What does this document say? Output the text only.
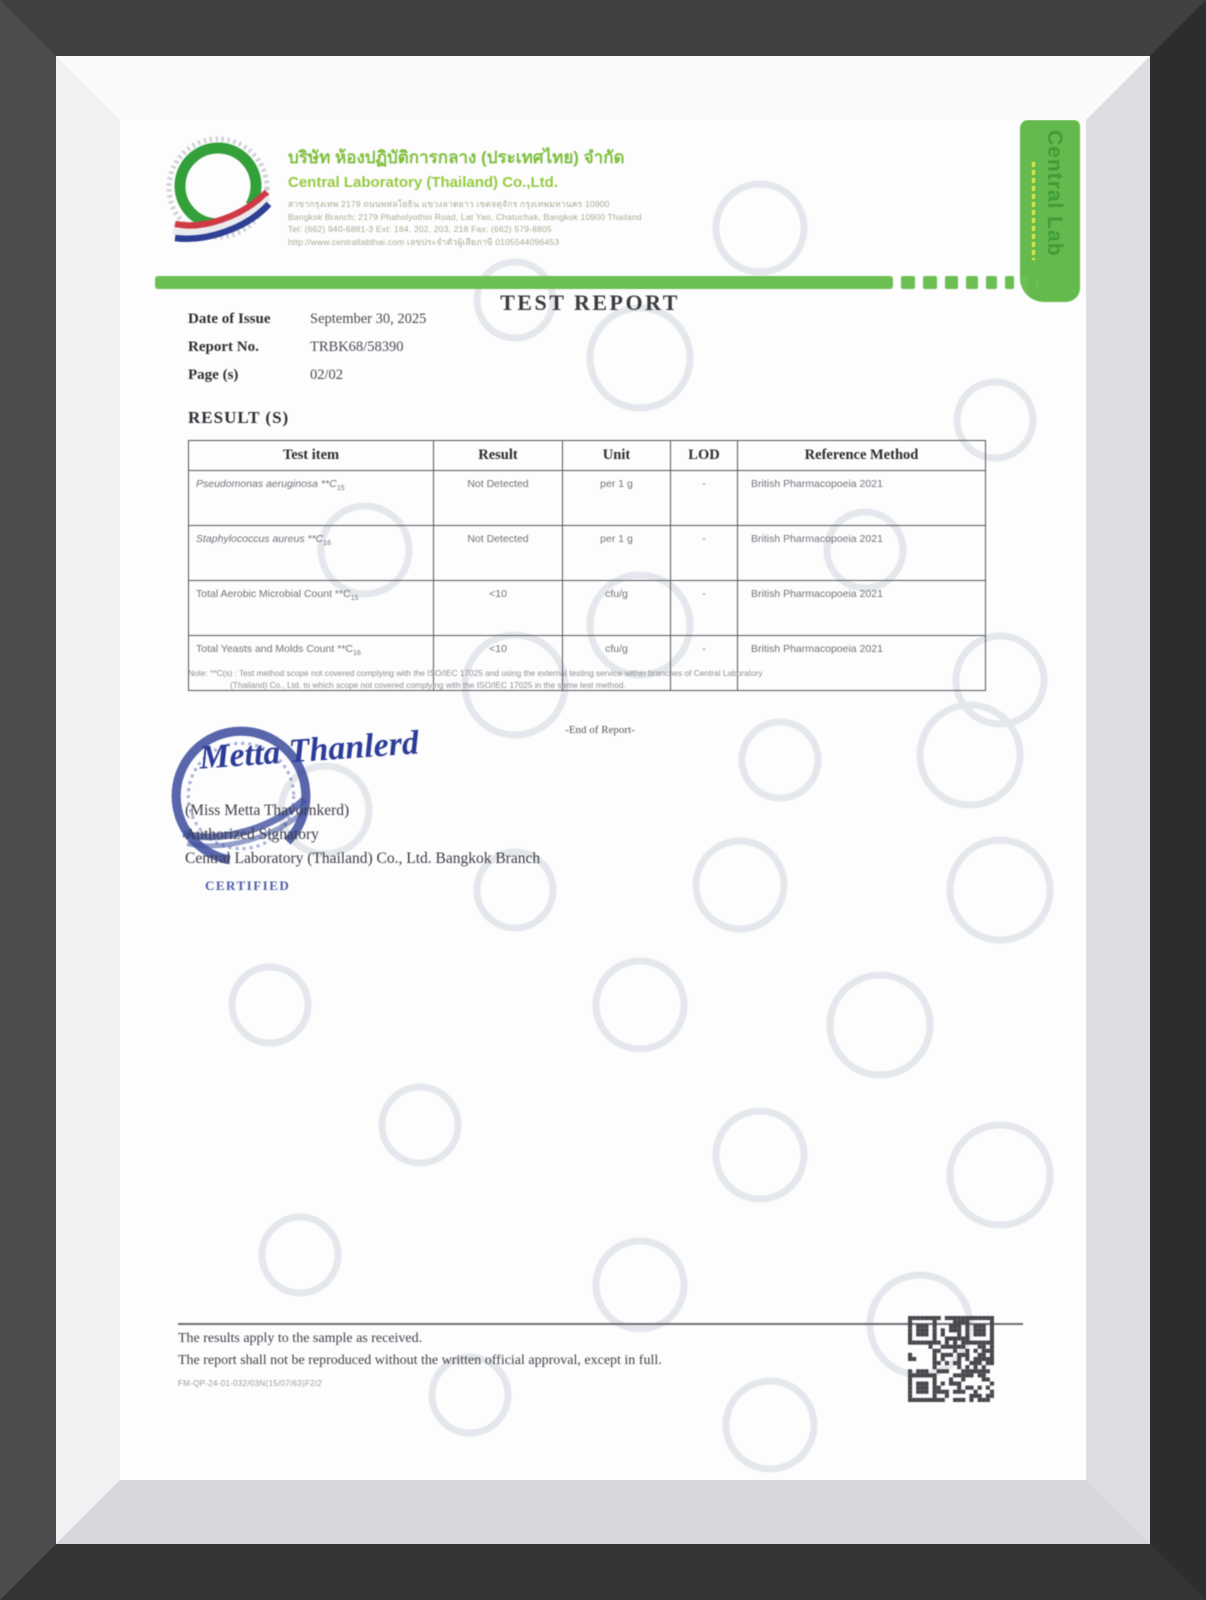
บริษัท ห้องปฏิบัติการกลาง (ประเทศไทย) จำกัด
Central Laboratory (Thailand) Co.,Ltd.
สาขากรุงเทพ 2179 ถนนพหลโยธิน แขวงลาดยาว เขตจตุจักร กรุงเทพมหานคร 10900
Bangkok Branch: 2179 Phaholyothin Road, Lat Yao, Chatuchak, Bangkok 10900 Thailand
Tel: (662) 940-6881-3 Ext: 164, 202, 203, 218 Fax: (662) 579-8805
http://www.centrallabthai.com เลขประจำตัวผู้เสียภาษี 0105544096453	Central Lab
TEST REPORT
Date of Issue	September 30, 2025
Report No.	TRBK68/58390
Page (s)	02/02
RESULT (S)
Test item	Result	Unit	LOD	Reference Method
Pseudomonas aeruginosa $**C_{15}$	Not Detected	per 1 g	-	British Pharmacopoeia 2021
Staphylococcus aureus $**C_{16}$	Not Detected	per 1 g	-	British Pharmacopoeia 2021
Total Aerobic Microbial Count $**C_{15}$	<10	cfu/g	-	British Pharmacopoeia 2021
Total Yeasts and Molds Count $**C_{16}$	<10	cfu/g	-	British Pharmacopoeia 2021
Note: **C(s) : Test method scope not covered complying with the ISO/IEC 17025 and using the external testing service within branches of Central Laboratory
(Thailand) Co., Ltd. to which scope not covered complying with the ISO/IEC 17025 in the same test method.
-End of Report-
Metta Thanlerd
(Miss Metta Thavornkerd)
Authorized Signatory
Central Laboratory (Thailand) Co., Ltd. Bangkok Branch
CERTIFIED
The results apply to the sample as received.
The report shall not be reproduced without the written official approval, except in full.
FM-QP-24-01-032/03N(15/07/63)F2/2
